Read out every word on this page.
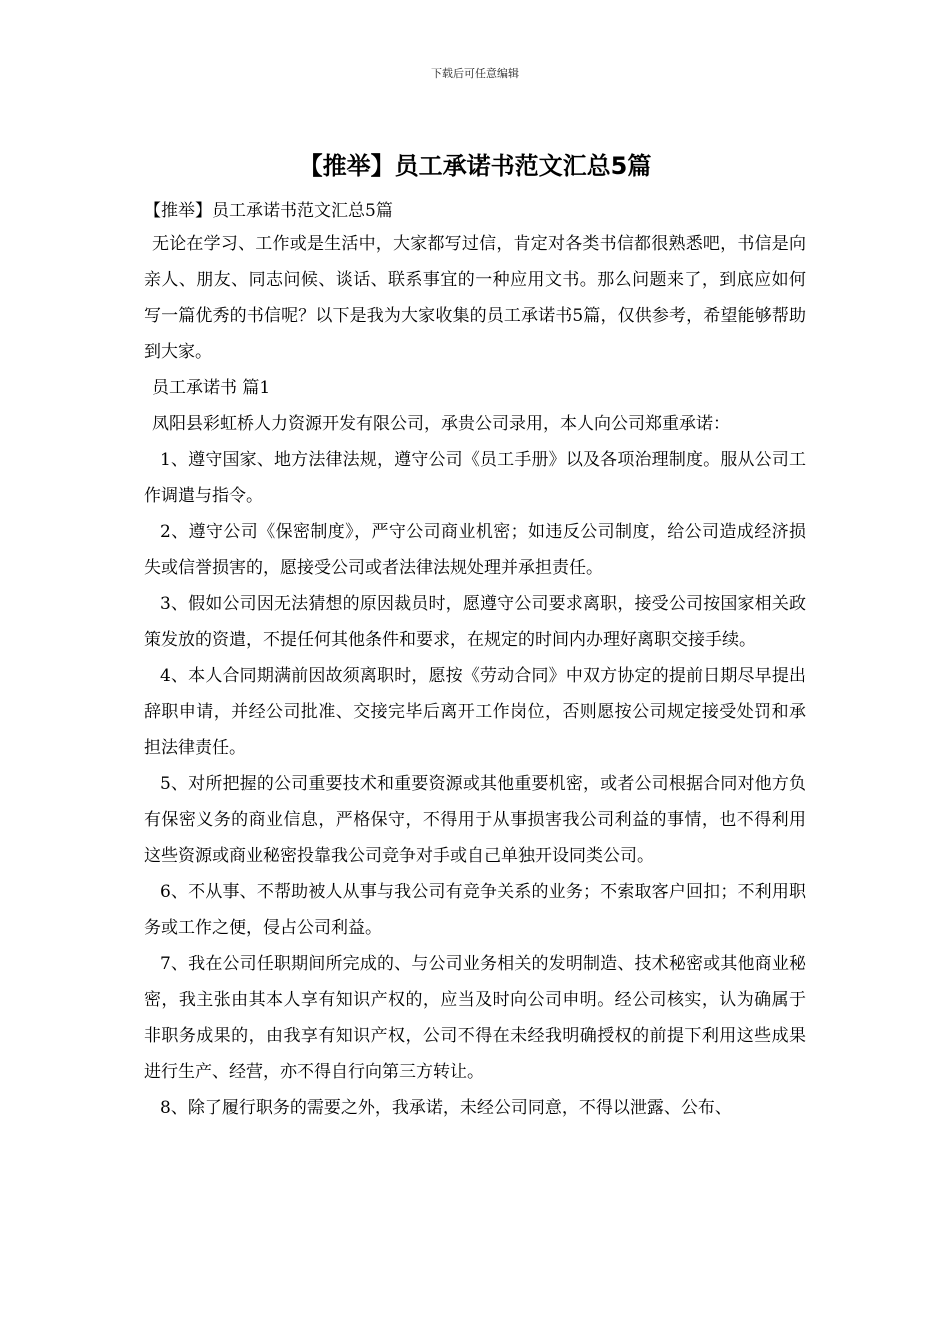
下载后可任意编辑
【推举】员工承诺书范文汇总5篇

【推举】员工承诺书范文汇总5篇

无论在学习、工作或是生活中，大家都写过信，肯定对各类书信都很熟悉吧，书信是向亲人、朋友、同志问候、谈话、联系事宜的一种应用文书。那么问题来了，到底应如何写一篇优秀的书信呢？以下是我为大家收集的员工承诺书5篇，仅供参考，希望能够帮助到大家。

员工承诺书 篇1

凤阳县彩虹桥人力资源开发有限公司，承贵公司录用，本人向公司郑重承诺：

1、遵守国家、地方法律法规，遵守公司《员工手册》以及各项治理制度。服从公司工作调遣与指令。

2、遵守公司《保密制度》，严守公司商业机密；如违反公司制度，给公司造成经济损失或信誉损害的，愿接受公司或者法律法规处理并承担责任。

3、假如公司因无法猜想的原因裁员时，愿遵守公司要求离职，接受公司按国家相关政策发放的资遣，不提任何其他条件和要求，在规定的时间内办理好离职交接手续。

4、本人合同期满前因故须离职时，愿按《劳动合同》中双方协定的提前日期尽早提出辞职申请，并经公司批准、交接完毕后离开工作岗位，否则愿按公司规定接受处罚和承担法律责任。

5、对所把握的公司重要技术和重要资源或其他重要机密，或者公司根据合同对他方负有保密义务的商业信息，严格保守，不得用于从事损害我公司利益的事情，也不得利用这些资源或商业秘密投靠我公司竞争对手或自己单独开设同类公司。

6、不从事、不帮助被人从事与我公司有竞争关系的业务；不索取客户回扣；不利用职务或工作之便，侵占公司利益。

7、我在公司任职期间所完成的、与公司业务相关的发明制造、技术秘密或其他商业秘密，我主张由其本人享有知识产权的，应当及时向公司申明。经公司核实，认为确属于非职务成果的，由我享有知识产权，公司不得在未经我明确授权的前提下利用这些成果进行生产、经营，亦不得自行向第三方转让。

8、除了履行职务的需要之外，我承诺，未经公司同意，不得以泄露、公布、
